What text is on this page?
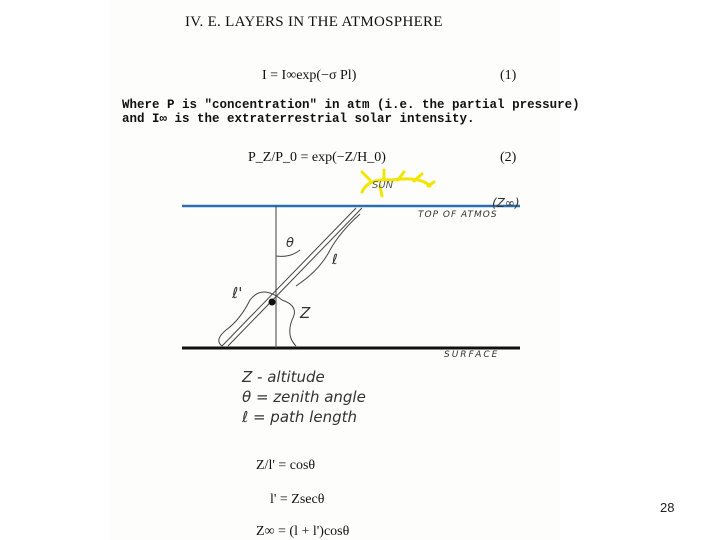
IV. E. LAYERS IN THE ATMOSPHERE
I = I∞exp(−σ Pl)	(1)
Where P is "concentration" in atm (i.e. the partial pressure)
and I∞ is the extraterrestrial solar intensity.
P_Z/P_0 = exp(−Z/H_0)	(2)
SUN
TOP OF ATMOS
(Z∞)
SURFACE
θ
ℓ
ℓ'
Z
Z - altitude
θ = zenith angle
ℓ = path length
Z/l' = cosθ
l' = Zsecθ
Z∞ = (l + l')cosθ
28
